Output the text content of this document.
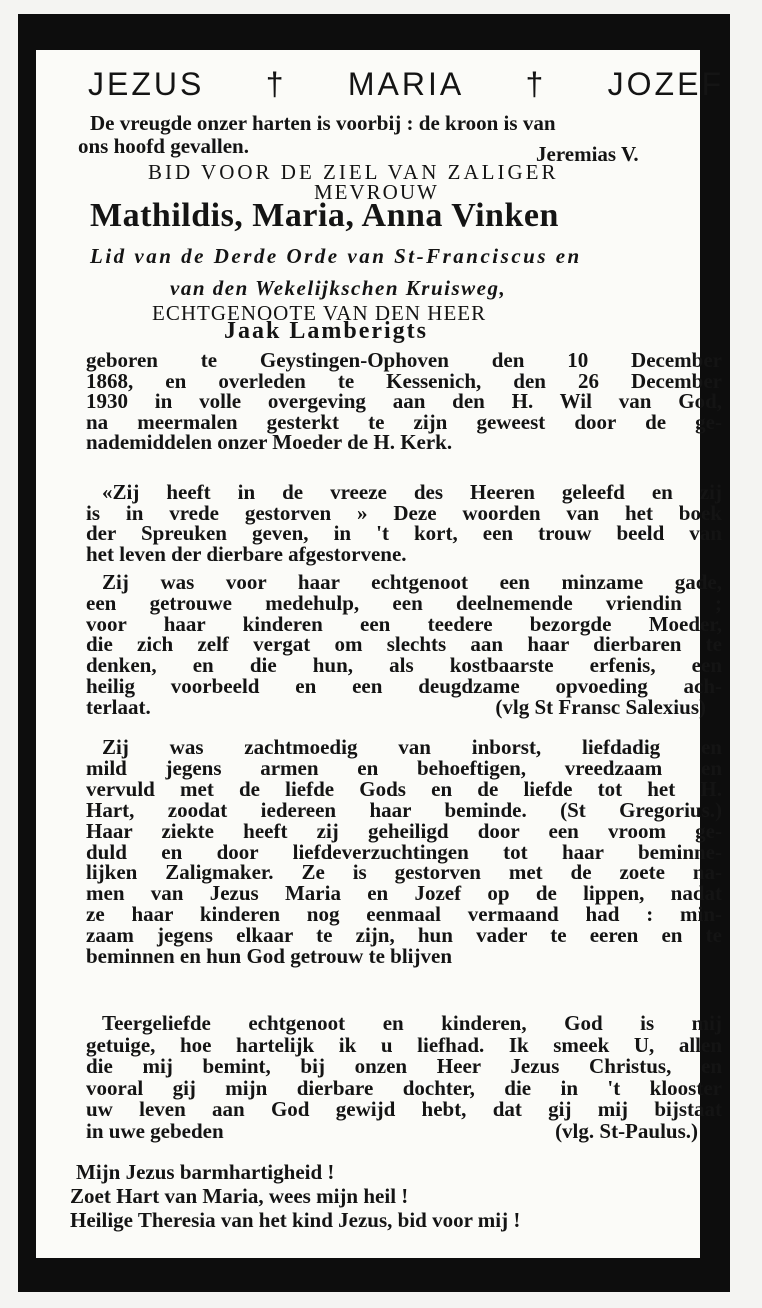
JEZUS † MARIA † JOZEF

De vreugde onzer harten is voorbij : de kroon is van

ons hoofd gevallen.	Jeremias V.

BID VOOR DE ZIEL VAN ZALIGER

MEVROUW

Mathildis, Maria, Anna Vinken

Lid van de Derde Orde van St-Franciscus en

van den Wekelijkschen Kruisweg,

ECHTGENOOTE VAN DEN HEER

Jaak Lamberigts

geboren te Geystingen-Ophoven den 10 December
1868, en overleden te Kessenich, den 26 December
1930 in volle overgeving aan den H. Wil van God,
na meermalen gesterkt te zijn geweest door de ge-
nademiddelen onzer Moeder de H. Kerk.
«Zij heeft in de vreeze des Heeren geleefd en zij
is in vrede gestorven » Deze woorden van het boek
der Spreuken geven, in 't kort, een trouw beeld van
het leven der dierbare afgestorvene.
Zij was voor haar echtgenoot een minzame gade,
een getrouwe medehulp, een deelnemende vriendin ;
voor haar kinderen een teedere bezorgde Moeder,
die zich zelf vergat om slechts aan haar dierbaren te
denken, en die hun, als kostbaarste erfenis, een
heilig voorbeeld en een deugdzame opvoeding ach-
terlaat.	(vlg St Fransc Salexius)
Zij was zachtmoedig van inborst, liefdadig en
mild jegens armen en behoeftigen, vreedzaam en
vervuld met de liefde Gods en de liefde tot het H.
Hart, zoodat iedereen haar beminde. (St Gregorius.)
Haar ziekte heeft zij geheiligd door een vroom ge-
duld en door liefdeverzuchtingen tot haar beminne-
lijken Zaligmaker. Ze is gestorven met de zoete na-
men van Jezus Maria en Jozef op de lippen, nadat
ze haar kinderen nog eenmaal vermaand had : min-
zaam jegens elkaar te zijn, hun vader te eeren en te
beminnen en hun God getrouw te blijven
Teergeliefde echtgenoot en kinderen, God is mij
getuige, hoe hartelijk ik u liefhad. Ik smeek U, allen
die mij bemint, bij onzen Heer Jezus Christus, en
vooral gij mijn dierbare dochter, die in 't klooster
uw leven aan God gewijd hebt, dat gij mij bijstaat
in uwe gebeden	(vlg. St-Paulus.)
Mijn Jezus barmhartigheid !
Zoet Hart van Maria, wees mijn heil !
Heilige Theresia van het kind Jezus, bid voor mij !
